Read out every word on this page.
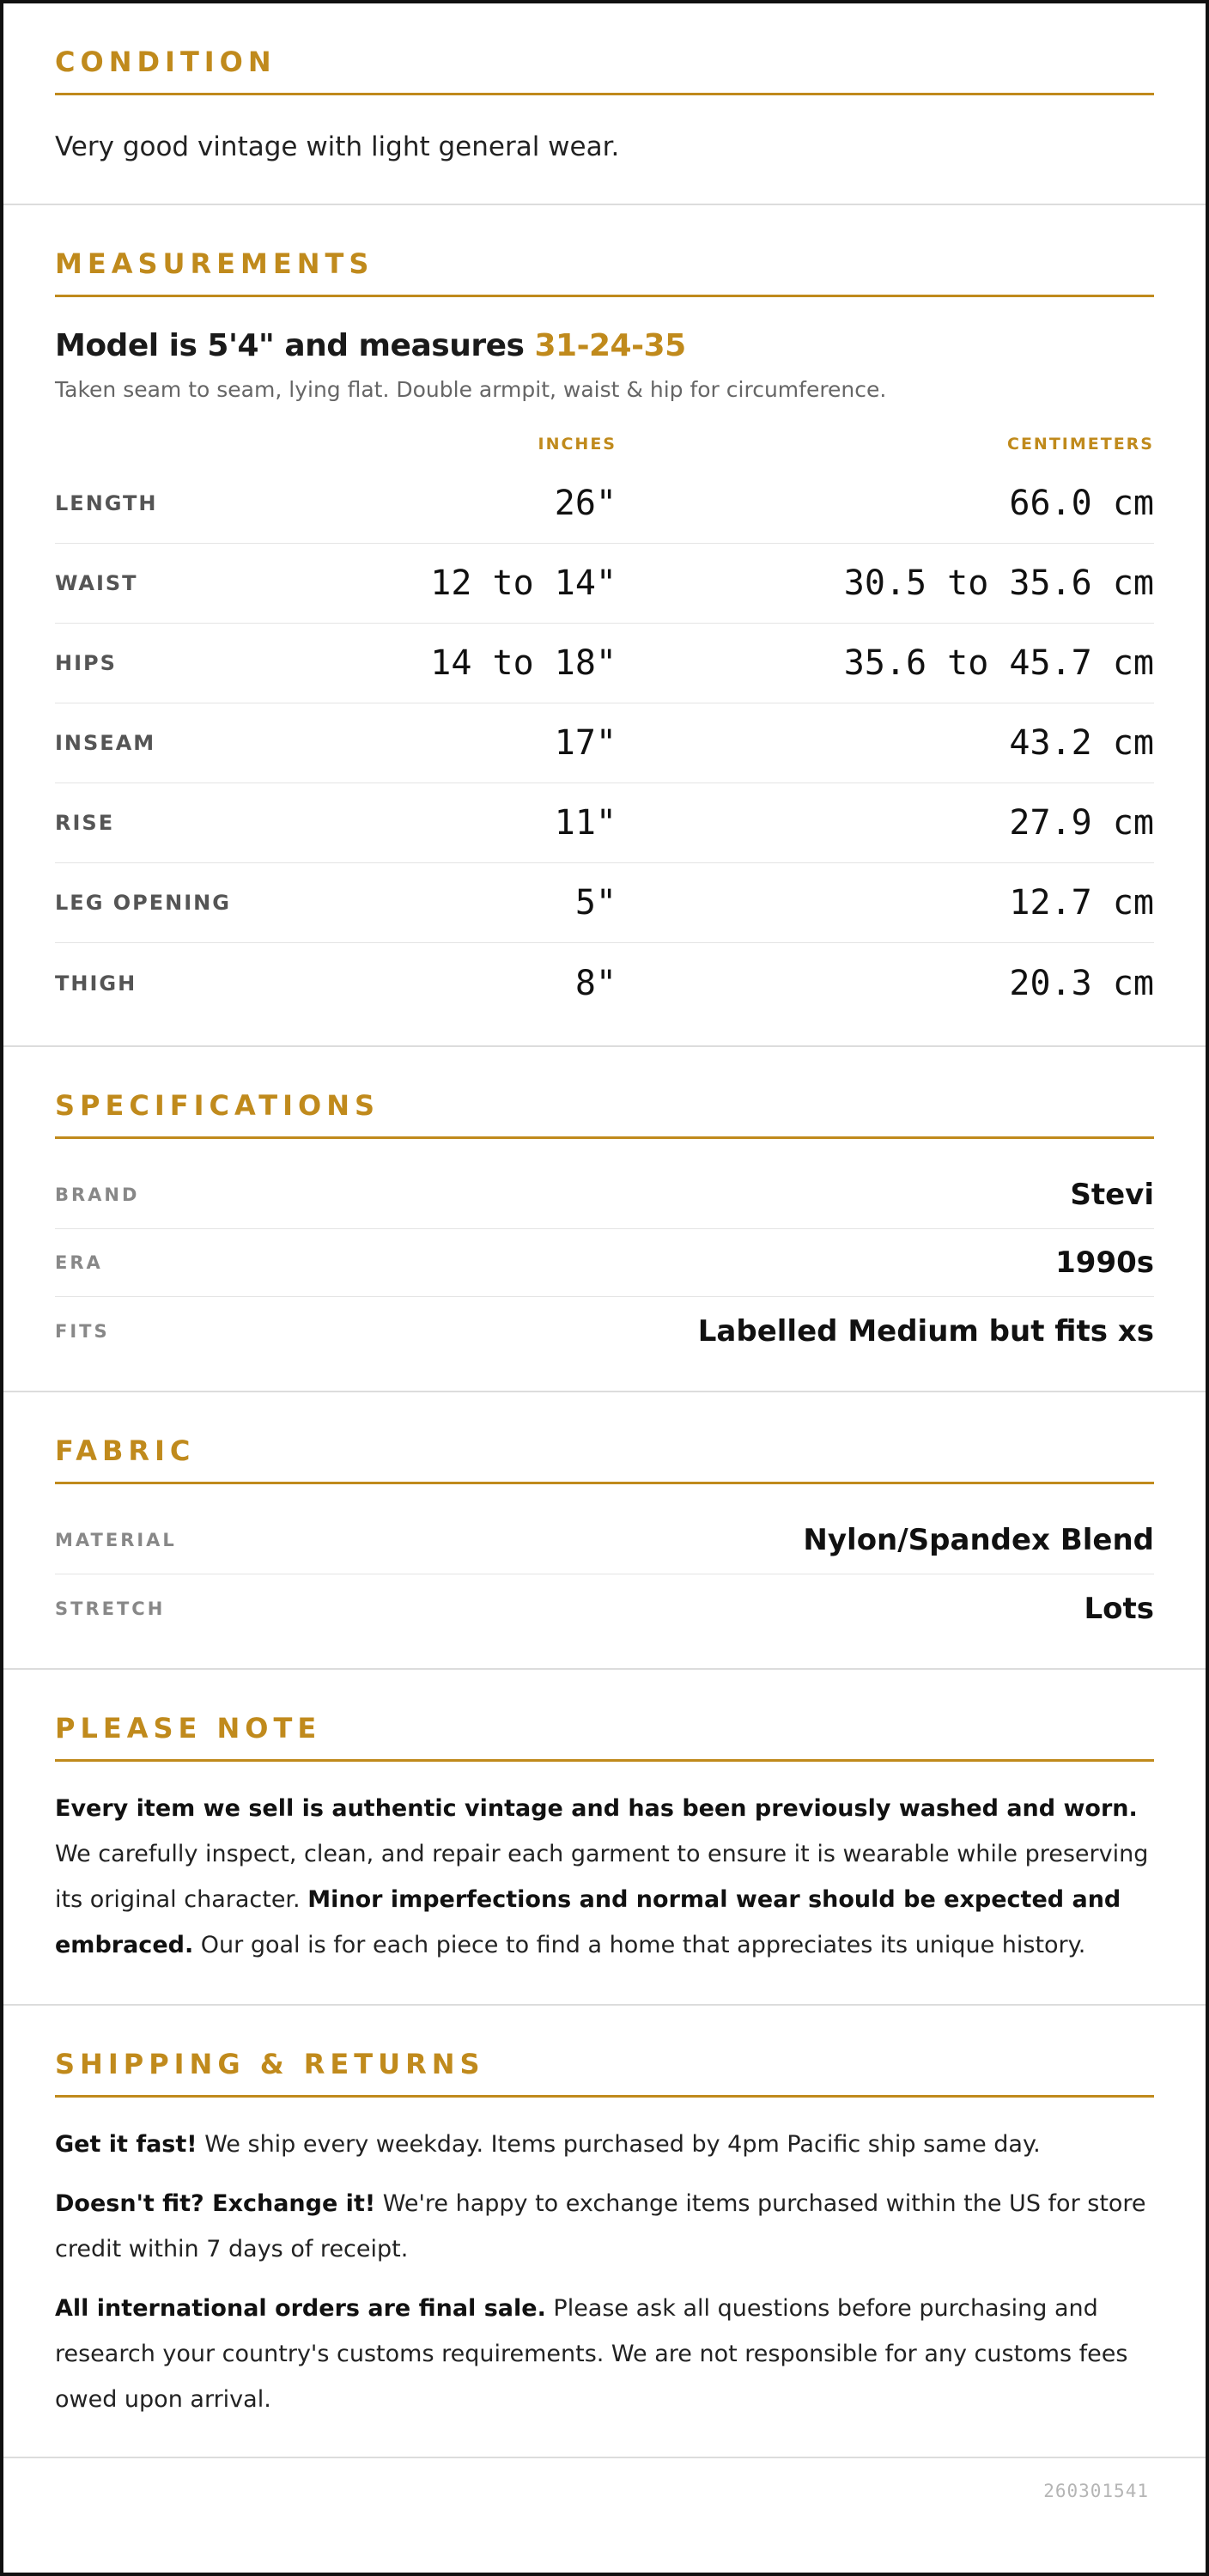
CONDITION
Very good vintage with light general wear.
MEASUREMENTS
Model is 5'4" and measures 31-24-35
Taken seam to seam, lying flat. Double armpit, waist & hip for circumference.
INCHES	CENTIMETERS
LENGTH	26"	66.0 cm
WAIST	12 to 14"	30.5 to 35.6 cm
HIPS	14 to 18"	35.6 to 45.7 cm
INSEAM	17"	43.2 cm
RISE	11"	27.9 cm
LEG OPENING	5"	12.7 cm
THIGH	8"	20.3 cm
SPECIFICATIONS
BRAND	Stevi
ERA	1990s
FITS	Labelled Medium but fits xs
FABRIC
MATERIAL	Nylon/Spandex Blend
STRETCH	Lots
PLEASE NOTE

Every item we sell is authentic vintage and has been previously washed and worn. We carefully inspect, clean, and repair each garment to ensure it is wearable while preserving its original character. Minor imperfections and normal wear should be expected and embraced. Our goal is for each piece to find a home that appreciates its unique history.

SHIPPING & RETURNS

Get it fast! We ship every weekday. Items purchased by 4pm Pacific ship same day.

Doesn't fit? Exchange it! We're happy to exchange items purchased within the US for store credit within 7 days of receipt.

All international orders are final sale. Please ask all questions before purchasing and research your country's customs requirements. We are not responsible for any customs fees owed upon arrival.

260301541
